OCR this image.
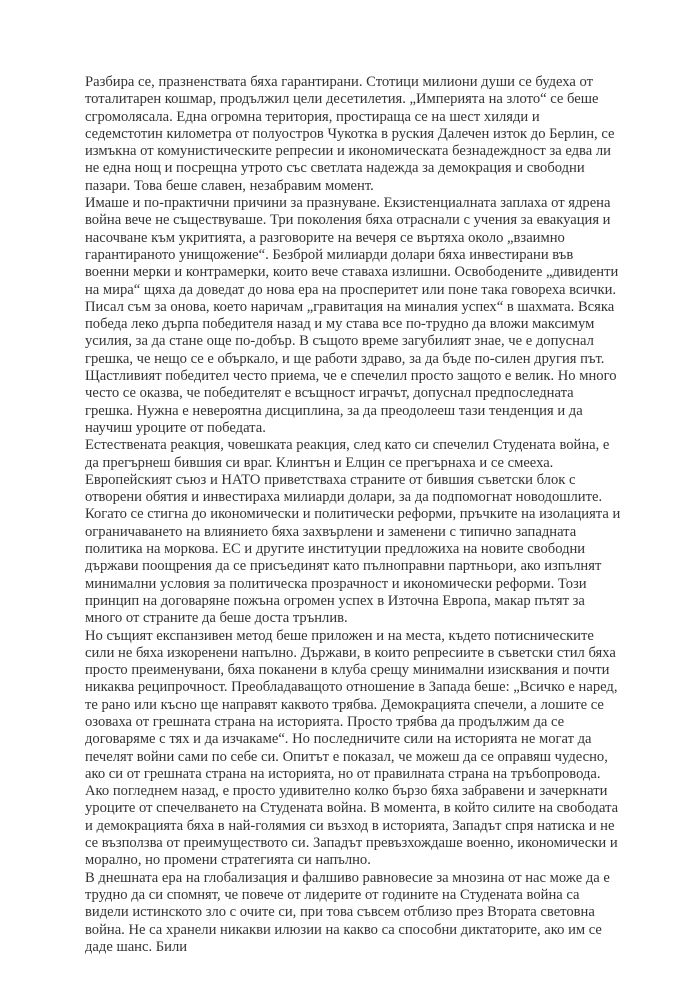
Разбира се, празненствата бяха гарантирани. Стотици милиони души се будеха от тоталитарен кошмар, продължил цели десетилетия. „Империята на злото“ се беше сгромолясала. Една огромна територия, простираща се на шест хиляди и седемстотин километра от полуостров Чукотка в руския Далечен изток до Берлин, се измъкна от комунистическите репресии и икономическата безнадеждност за едва ли не една нощ и посрещна утрото със светлата надежда за демокрация и свободни пазари. Това беше славен, незабравим момент.

Имаше и по-практични причини за празнуване. Екзистенциалната заплаха от ядрена война вече не съществуваше. Три поколения бяха отраснали с учения за евакуация и насочване към укритията, а разговорите на вечеря се въртяха около „взаимно гарантираното унищожение“. Безброй милиарди долари бяха инвестирани във военни мерки и контрамерки, които вече ставаха излишни. Освободените „дивиденти на мира“ щяха да доведат до нова ера на просперитет или поне така говореха всички.

Писал съм за онова, което наричам „гравитация на миналия успех“ в шахмата. Всяка победа леко дърпа победителя назад и му става все по-трудно да вложи максимум усилия, за да стане още по-добър. В същото време загубилият знае, че е допуснал грешка, че нещо се е объркало, и ще работи здраво, за да бъде по-силен другия път. Щастливият победител често приема, че е спечелил просто защото е велик. Но много често се оказва, че победителят е всъщност играчът, допуснал предпоследната грешка. Нужна е невероятна дисциплина, за да преодолееш тази тенденция и да научиш уроците от победата.

Естествената реакция, човешката реакция, след като си спечелил Студената война, е да прегърнеш бившия си враг. Клинтън и Елцин се прегърнаха и се смееха. Европейският съюз и НАТО приветстваха страните от бившия съветски блок с отворени обятия и инвестираха милиарди долари, за да подпомогнат новодошлите. Когато се стигна до икономически и политически реформи, пръчките на изолацията и ограничаването на влиянието бяха захвърлени и заменени с типично западната политика на моркова. ЕС и другите институции предложиха на новите свободни държави поощрения да се присъединят като пълноправни партньори, ако изпълнят минимални условия за политическа прозрачност и икономически реформи. Този принцип на договаряне пожъна огромен успех в Източна Европа, макар пътят за много от страните да беше доста трънлив.

Но същият експанзивен метод беше приложен и на места, където потисническите сили не бяха изкоренени напълно. Държави, в които репресиите в съветски стил бяха просто преименувани, бяха поканени в клуба срещу минимални изисквания и почти никаква реципрочност. Преобладаващото отношение в Запада беше: „Всичко е наред, те рано или късно ще направят каквото трябва. Демокрацията спечели, а лошите се озоваха от грешната страна на историята. Просто трябва да продължим да се договаряме с тях и да изчакаме“. Но последничите сили на историята не могат да печелят войни сами по себе си. Опитът е показал, че можеш да се оправяш чудесно, ако си от грешната страна на историята, но от правилната страна на тръбопровода.

Ако погледнем назад, е просто удивително колко бързо бяха забравени и зачеркнати уроците от спечелването на Студената война. В момента, в който силите на свободата и демокрацията бяха в най-голямия си възход в историята, Западът спря натиска и не се възползва от преимуществото си. Западът превъзхождаше военно, икономически и морално, но промени стратегията си напълно.

В днешната ера на глобализация и фалшиво равновесие за мнозина от нас може да е трудно да си спомнят, че повече от лидерите от годините на Студената война са видели истинското зло с очите си, при това съвсем отблизо през Втората световна война. Не са хранели никакви илюзии на какво са способни диктаторите, ако им се даде шанс. Били
